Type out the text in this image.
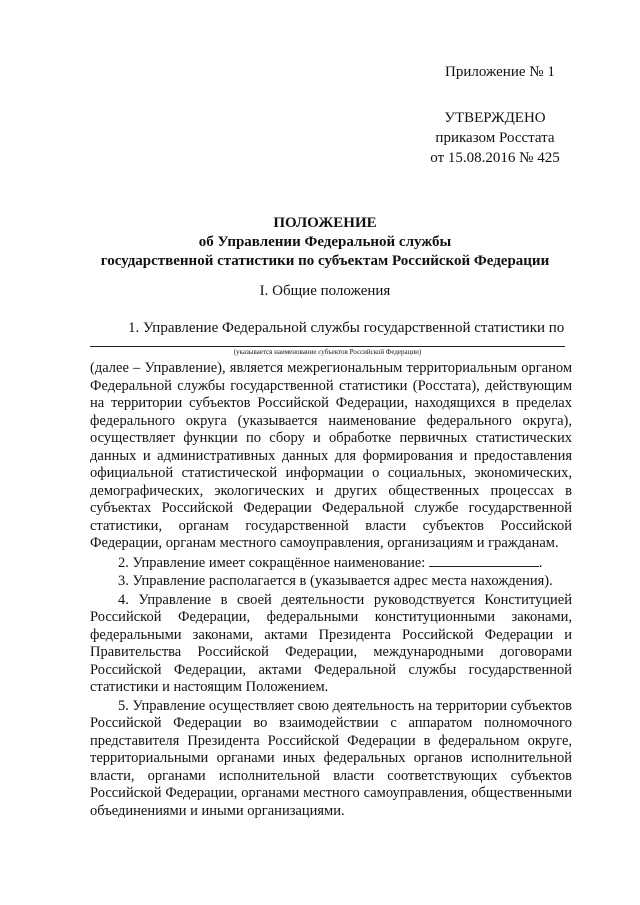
Приложение № 1
УТВЕРЖДЕНО
приказом Росстата
от 15.08.2016 № 425
ПОЛОЖЕНИЕ
об Управлении Федеральной службы
государственной статистики по субъектам Российской Федерации
I. Общие положения
1. Управление Федеральной службы государственной статистики по
(указывается наименование субъектов Российской Федерации)

(далее – Управление), является межрегиональным территориальным органом Федеральной службы государственной статистики (Росстата), действующим на территории субъектов Российской Федерации, находящихся в пределах федерального округа (указывается наименование федерального округа), осуществляет функции по сбору и обработке первичных статистических данных и административных данных для формирования и предоставления официальной статистической информации о социальных, экономических, демографических, экологических и других общественных процессах в субъектах Российской Федерации Федеральной службе государственной статистики, органам государственной власти субъектов Российской Федерации, органам местного самоуправления, организациям и гражданам.

2. Управление имеет сокращённое наименование:	.

3. Управление располагается в (указывается адрес места нахождения).

4. Управление в своей деятельности руководствуется Конституцией Российской Федерации, федеральными конституционными законами, федеральными законами, актами Президента Российской Федерации и Правительства Российской Федерации, международными договорами Российской Федерации, актами Федеральной службы государственной статистики и настоящим Положением.

5. Управление осуществляет свою деятельность на территории субъектов Российской Федерации во взаимодействии с аппаратом полномочного представителя Президента Российской Федерации в федеральном округе, территориальными органами иных федеральных органов исполнительной власти, органами исполнительной власти соответствующих субъектов Российской Федерации, органами местного самоуправления, общественными объединениями и иными организациями.
